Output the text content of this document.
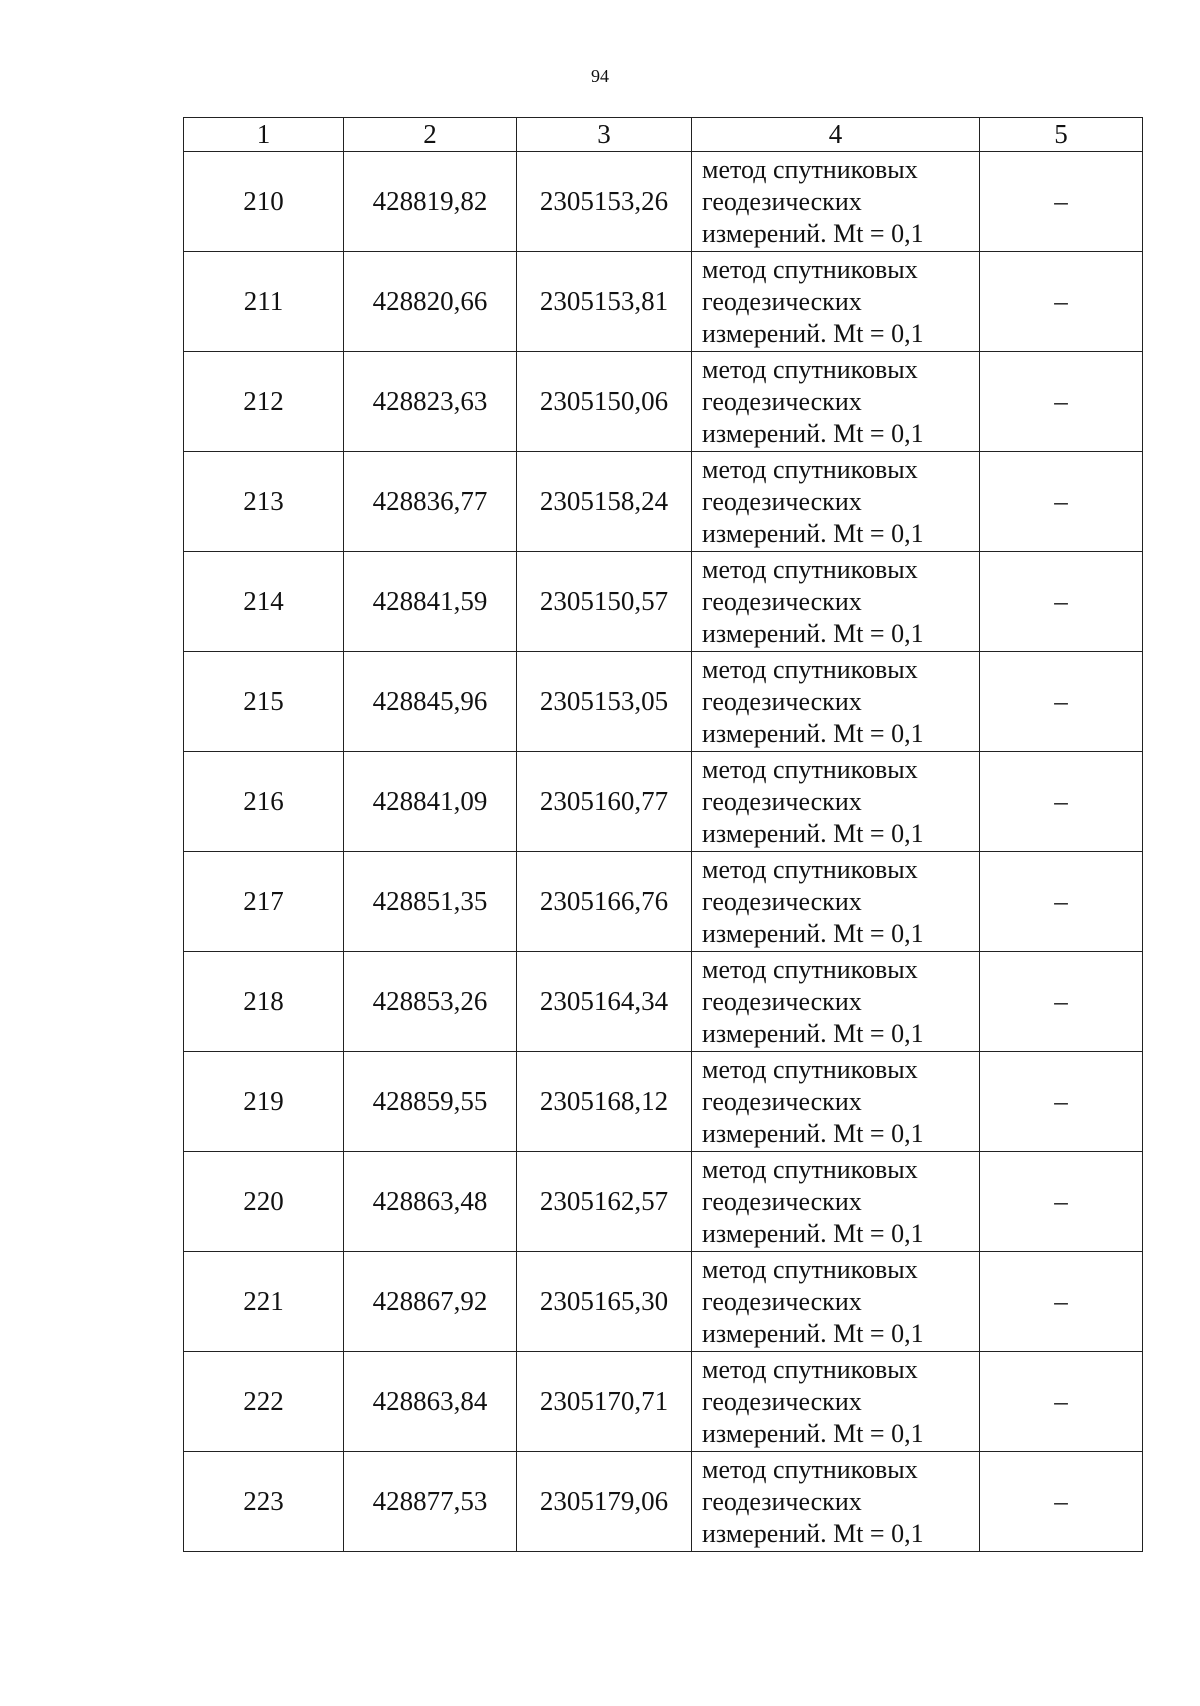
94
1	2	3	4	5
210	428819,82	2305153,26	метод спутниковых
геодезических
измерений. Mt = 0,1	–
211	428820,66	2305153,81	метод спутниковых
геодезических
измерений. Mt = 0,1	–
212	428823,63	2305150,06	метод спутниковых
геодезических
измерений. Mt = 0,1	–
213	428836,77	2305158,24	метод спутниковых
геодезических
измерений. Mt = 0,1	–
214	428841,59	2305150,57	метод спутниковых
геодезических
измерений. Mt = 0,1	–
215	428845,96	2305153,05	метод спутниковых
геодезических
измерений. Mt = 0,1	–
216	428841,09	2305160,77	метод спутниковых
геодезических
измерений. Mt = 0,1	–
217	428851,35	2305166,76	метод спутниковых
геодезических
измерений. Mt = 0,1	–
218	428853,26	2305164,34	метод спутниковых
геодезических
измерений. Mt = 0,1	–
219	428859,55	2305168,12	метод спутниковых
геодезических
измерений. Mt = 0,1	–
220	428863,48	2305162,57	метод спутниковых
геодезических
измерений. Mt = 0,1	–
221	428867,92	2305165,30	метод спутниковых
геодезических
измерений. Mt = 0,1	–
222	428863,84	2305170,71	метод спутниковых
геодезических
измерений. Mt = 0,1	–
223	428877,53	2305179,06	метод спутниковых
геодезических
измерений. Mt = 0,1	–
